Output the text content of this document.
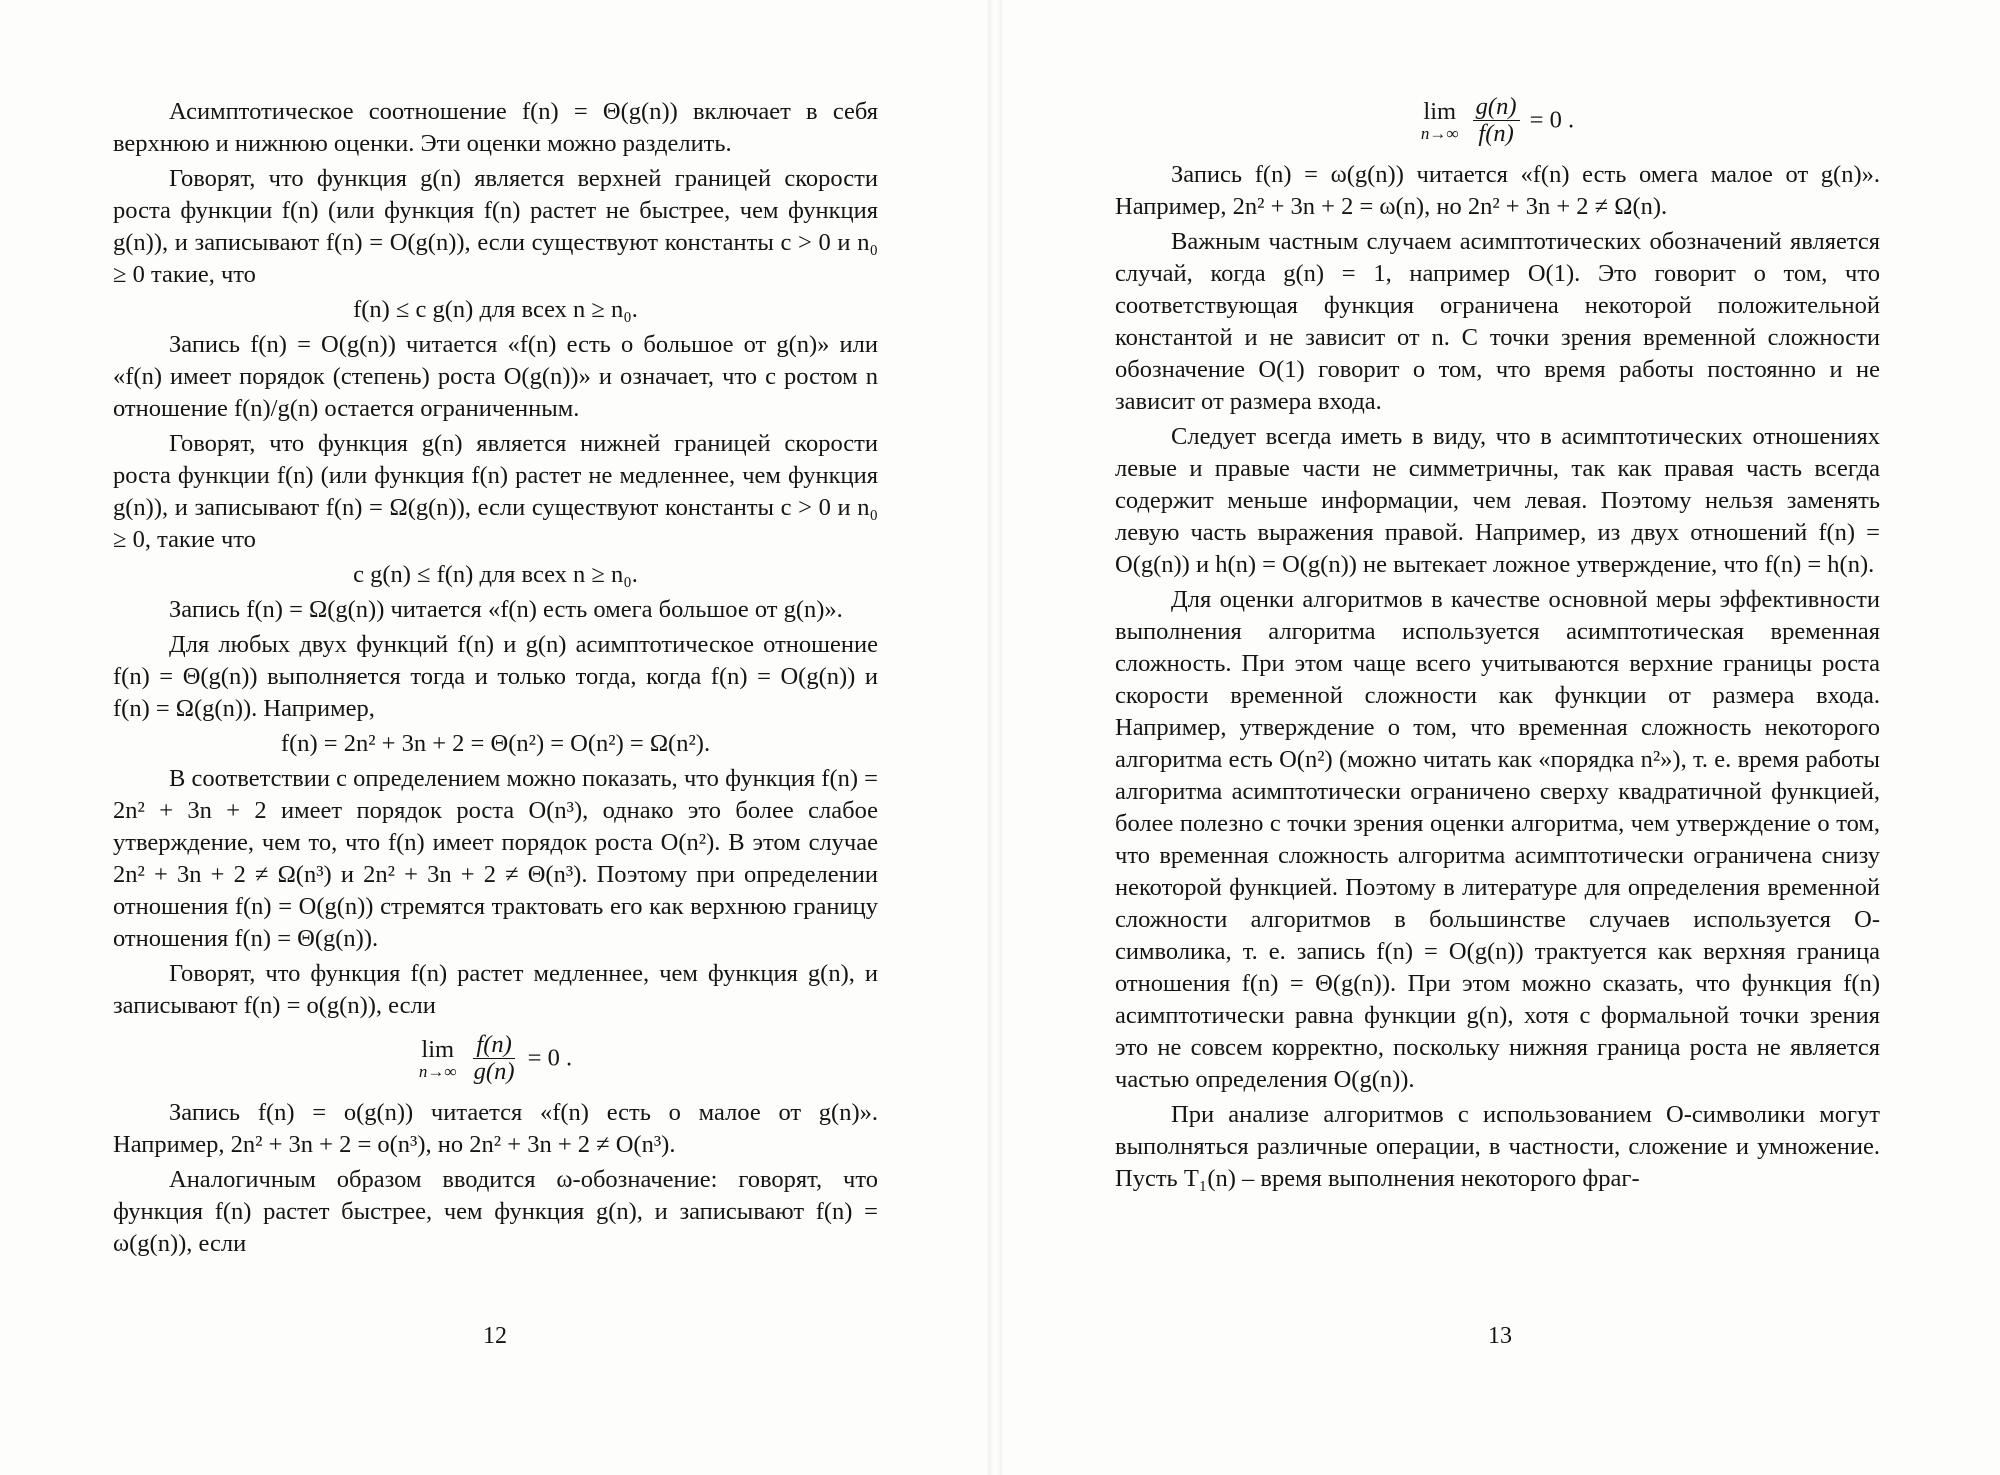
Асимптотическое соотношение f(n) = Θ(g(n)) включает в себя верхнюю и нижнюю оценки. Эти оценки можно разделить.

Говорят, что функция g(n) является верхней границей скорости роста функции f(n) (или функция f(n) растет не быстрее, чем функция g(n)), и записывают f(n) = O(g(n)), если существуют константы c > 0 и n₀ ≥ 0 такие, что

f(n) ≤ c g(n) для всех n ≥ n₀.

Запись f(n) = O(g(n)) читается «f(n) есть o большое от g(n)» или «f(n) имеет порядок (степень) роста O(g(n))» и означает, что с ростом n отношение f(n)/g(n) остается ограниченным.

Говорят, что функция g(n) является нижней границей скорости роста функции f(n) (или функция f(n) растет не медленнее, чем функция g(n)), и записывают f(n) = Ω(g(n)), если существуют константы c > 0 и n₀ ≥ 0, такие что

c g(n) ≤ f(n) для всех n ≥ n₀.

Запись f(n) = Ω(g(n)) читается «f(n) есть омега большое от g(n)».

Для любых двух функций f(n) и g(n) асимптотическое отношение f(n) = Θ(g(n)) выполняется тогда и только тогда, когда f(n) = O(g(n)) и f(n) = Ω(g(n)). Например,

f(n) = 2n² + 3n + 2 = Θ(n²) = O(n²) = Ω(n²).

В соответствии с определением можно показать, что функция f(n) = 2n² + 3n + 2 имеет порядок роста O(n³), однако это более слабое утверждение, чем то, что f(n) имеет порядок роста O(n²). В этом случае 2n² + 3n + 2 ≠ Ω(n³) и 2n² + 3n + 2 ≠ Θ(n³). Поэтому при определении отношения f(n) = O(g(n)) стремятся трактовать его как верхнюю границу отношения f(n) = Θ(g(n)).

Говорят, что функция f(n) растет медленнее, чем функция g(n), и записывают f(n) = o(g(n)), если

lim
n→∞
$\frac{f(n)}{g(n)} = 0$ .

Запись f(n) = o(g(n)) читается «f(n) есть o малое от g(n)». Например, 2n² + 3n + 2 = o(n³), но 2n² + 3n + 2 ≠ O(n³).

Аналогичным образом вводится ω-обозначение: говорят, что функция f(n) растет быстрее, чем функция g(n), и записывают f(n) = ω(g(n)), если

12

lim
n→∞
$\frac{g(n)}{f(n)} = 0$ .

Запись f(n) = ω(g(n)) читается «f(n) есть омега малое от g(n)». Например, 2n² + 3n + 2 = ω(n), но 2n² + 3n + 2 ≠ Ω(n).

Важным частным случаем асимптотических обозначений является случай, когда g(n) = 1, например O(1). Это говорит о том, что соответствующая функция ограничена некоторой положительной константой и не зависит от n. С точки зрения временной сложности обозначение O(1) говорит о том, что время работы постоянно и не зависит от размера входа.

Следует всегда иметь в виду, что в асимптотических отношениях левые и правые части не симметричны, так как правая часть всегда содержит меньше информации, чем левая. Поэтому нельзя заменять левую часть выражения правой. Например, из двух отношений f(n) = O(g(n)) и h(n) = O(g(n)) не вытекает ложное утверждение, что f(n) = h(n).

Для оценки алгоритмов в качестве основной меры эффективности выполнения алгоритма используется асимптотическая временная сложность. При этом чаще всего учитываются верхние границы роста скорости временной сложности как функции от размера входа. Например, утверждение о том, что временная сложность некоторого алгоритма есть O(n²) (можно читать как «порядка n²»), т. е. время работы алгоритма асимптотически ограничено сверху квадратичной функцией, более полезно с точки зрения оценки алгоритма, чем утверждение о том, что временная сложность алгоритма асимптотически ограничена снизу некоторой функцией. Поэтому в литературе для определения временной сложности алгоритмов в большинстве случаев используется O-символика, т. е. запись f(n) = O(g(n)) трактуется как верхняя граница отношения f(n) = Θ(g(n)). При этом можно сказать, что функция f(n) асимптотически равна функции g(n), хотя с формальной точки зрения это не совсем корректно, поскольку нижняя граница роста не является частью определения O(g(n)).

При анализе алгоритмов с использованием O-символики могут выполняться различные операции, в частности, сложение и умножение. Пусть T₁(n) – время выполнения некоторого фраг-

13
